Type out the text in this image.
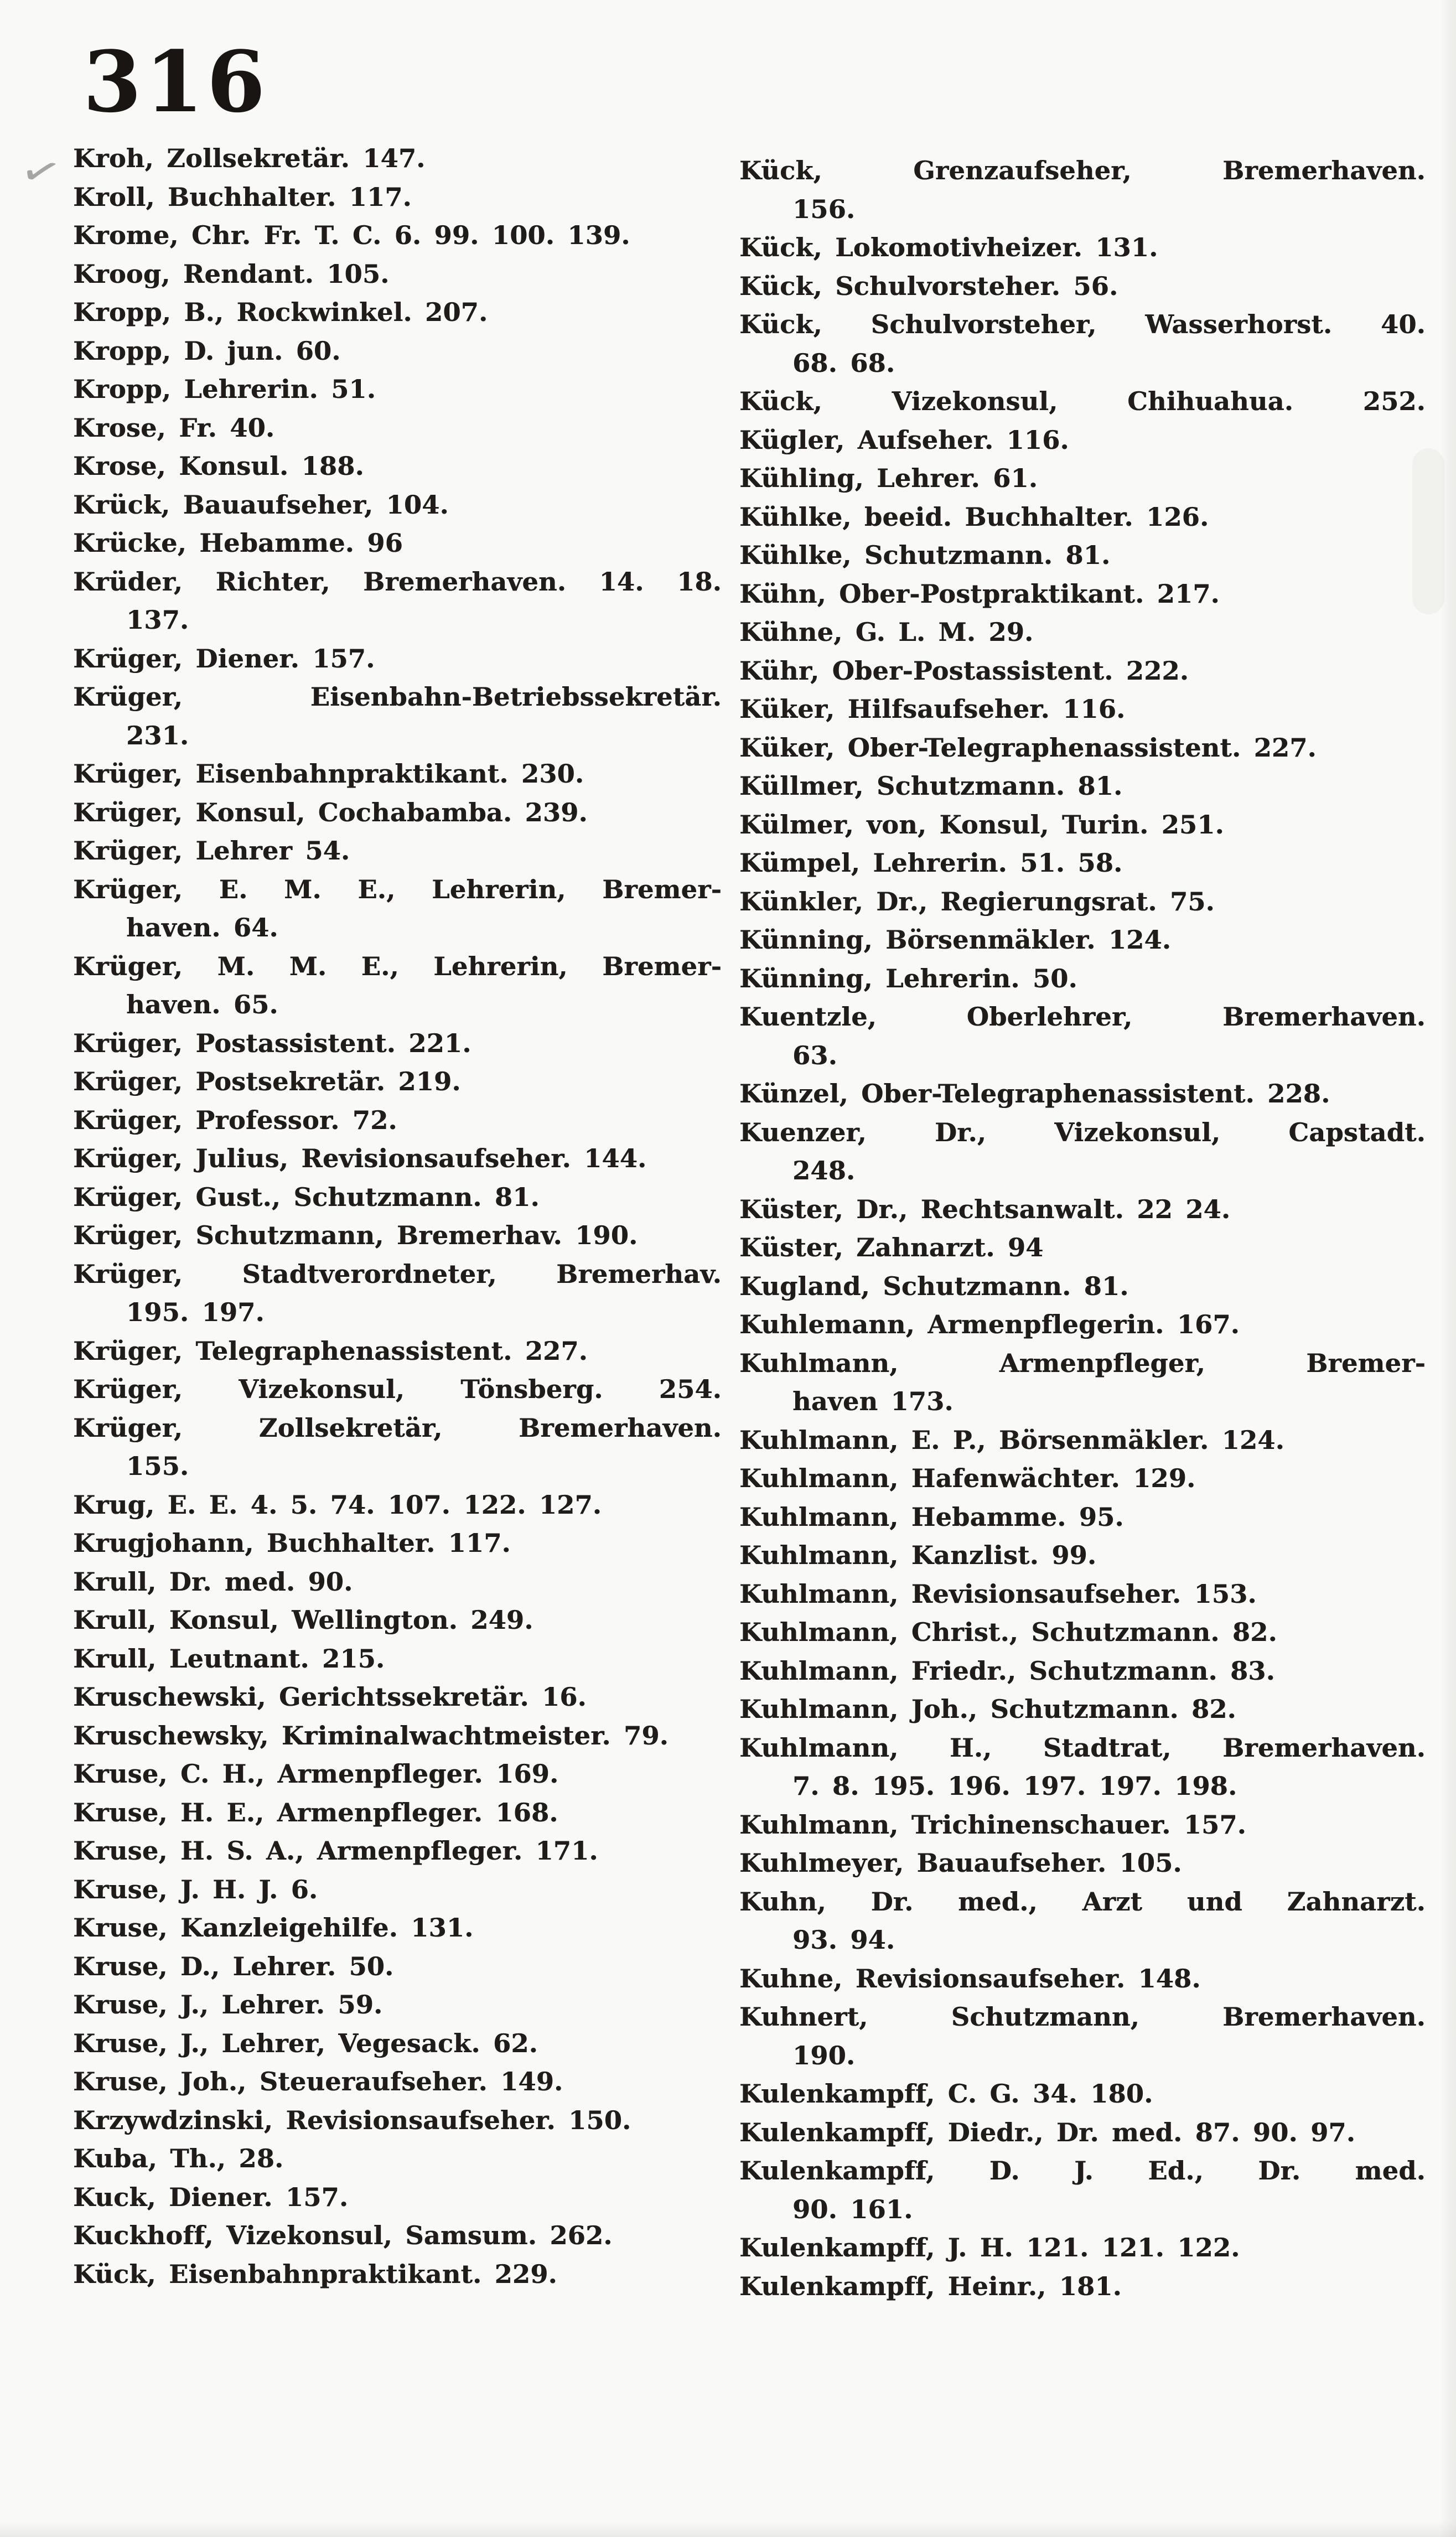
316
✓ Kroh, Zollsekretär. 147.
Kroll, Buchhalter. 117.
Krome, Chr. Fr. T. C. 6. 99. 100. 139.
Kroog, Rendant. 105.
Kropp, B., Rockwinkel. 207.
Kropp, D. jun. 60.
Kropp, Lehrerin. 51.
Krose, Fr. 40.
Krose, Konsul. 188.
Krück, Bauaufseher, 104.
Krücke, Hebamme. 96
Krüder, Richter, Bremerhaven. 14. 18.
137.
Krüger, Diener. 157.
Krüger, Eisenbahn-Betriebssekretär.
231.
Krüger, Eisenbahnpraktikant. 230.
Krüger, Konsul, Cochabamba. 239.
Krüger, Lehrer 54.
Krüger, E. M. E., Lehrerin, Bremer-
haven. 64.
Krüger, M. M. E., Lehrerin, Bremer-
haven. 65.
Krüger, Postassistent. 221.
Krüger, Postsekretär. 219.
Krüger, Professor. 72.
Krüger, Julius, Revisionsaufseher. 144.
Krüger, Gust., Schutzmann. 81.
Krüger, Schutzmann, Bremerhav. 190.
Krüger, Stadtverordneter, Bremerhav.
195. 197.
Krüger, Telegraphenassistent. 227.
Krüger, Vizekonsul, Tönsberg. 254.
Krüger, Zollsekretär, Bremerhaven.
155.
Krug, E. E. 4. 5. 74. 107. 122. 127.
Krugjohann, Buchhalter. 117.
Krull, Dr. med. 90.
Krull, Konsul, Wellington. 249.
Krull, Leutnant. 215.
Kruschewski, Gerichtssekretär. 16.
Kruschewsky, Kriminalwachtmeister. 79.
Kruse, C. H., Armenpfleger. 169.
Kruse, H. E., Armenpfleger. 168.
Kruse, H. S. A., Armenpfleger. 171.
Kruse, J. H. J. 6.
Kruse, Kanzleigehilfe. 131.
Kruse, D., Lehrer. 50.
Kruse, J., Lehrer. 59.
Kruse, J., Lehrer, Vegesack. 62.
Kruse, Joh., Steueraufseher. 149.
Krzywdzinski, Revisionsaufseher. 150.
Kuba, Th., 28.
Kuck, Diener. 157.
Kuckhoff, Vizekonsul, Samsum. 262.
Kück, Eisenbahnpraktikant. 229.
Kück, Grenzaufseher, Bremerhaven.
156.
Kück, Lokomotivheizer. 131.
Kück, Schulvorsteher. 56.
Kück, Schulvorsteher, Wasserhorst. 40.
68. 68.
Kück, Vizekonsul, Chihuahua. 252.
Kügler, Aufseher. 116.
Kühling, Lehrer. 61.
Kühlke, beeid. Buchhalter. 126.
Kühlke, Schutzmann. 81.
Kühn, Ober-Postpraktikant. 217.
Kühne, G. L. M. 29.
Kühr, Ober-Postassistent. 222.
Küker, Hilfsaufseher. 116.
Küker, Ober-Telegraphenassistent. 227.
Küllmer, Schutzmann. 81.
Külmer, von, Konsul, Turin. 251.
Kümpel, Lehrerin. 51. 58.
Künkler, Dr., Regierungsrat. 75.
Künning, Börsenmäkler. 124.
Künning, Lehrerin. 50.
Kuentzle, Oberlehrer, Bremerhaven.
63.
Künzel, Ober-Telegraphenassistent. 228.
Kuenzer, Dr., Vizekonsul, Capstadt.
248.
Küster, Dr., Rechtsanwalt. 22 24.
Küster, Zahnarzt. 94
Kugland, Schutzmann. 81.
Kuhlemann, Armenpflegerin. 167.
Kuhlmann, Armenpfleger, Bremer-
haven 173.
Kuhlmann, E. P., Börsenmäkler. 124.
Kuhlmann, Hafenwächter. 129.
Kuhlmann, Hebamme. 95.
Kuhlmann, Kanzlist. 99.
Kuhlmann, Revisionsaufseher. 153.
Kuhlmann, Christ., Schutzmann. 82.
Kuhlmann, Friedr., Schutzmann. 83.
Kuhlmann, Joh., Schutzmann. 82.
Kuhlmann, H., Stadtrat, Bremerhaven.
7. 8. 195. 196. 197. 197. 198.
Kuhlmann, Trichinenschauer. 157.
Kuhlmeyer, Bauaufseher. 105.
Kuhn, Dr. med., Arzt und Zahnarzt.
93. 94.
Kuhne, Revisionsaufseher. 148.
Kuhnert, Schutzmann, Bremerhaven.
190.
Kulenkampff, C. G. 34. 180.
Kulenkampff, Diedr., Dr. med. 87. 90. 97.
Kulenkampff, D. J. Ed., Dr. med.
90. 161.
Kulenkampff, J. H. 121. 121. 122.
Kulenkampff, Heinr., 181.
